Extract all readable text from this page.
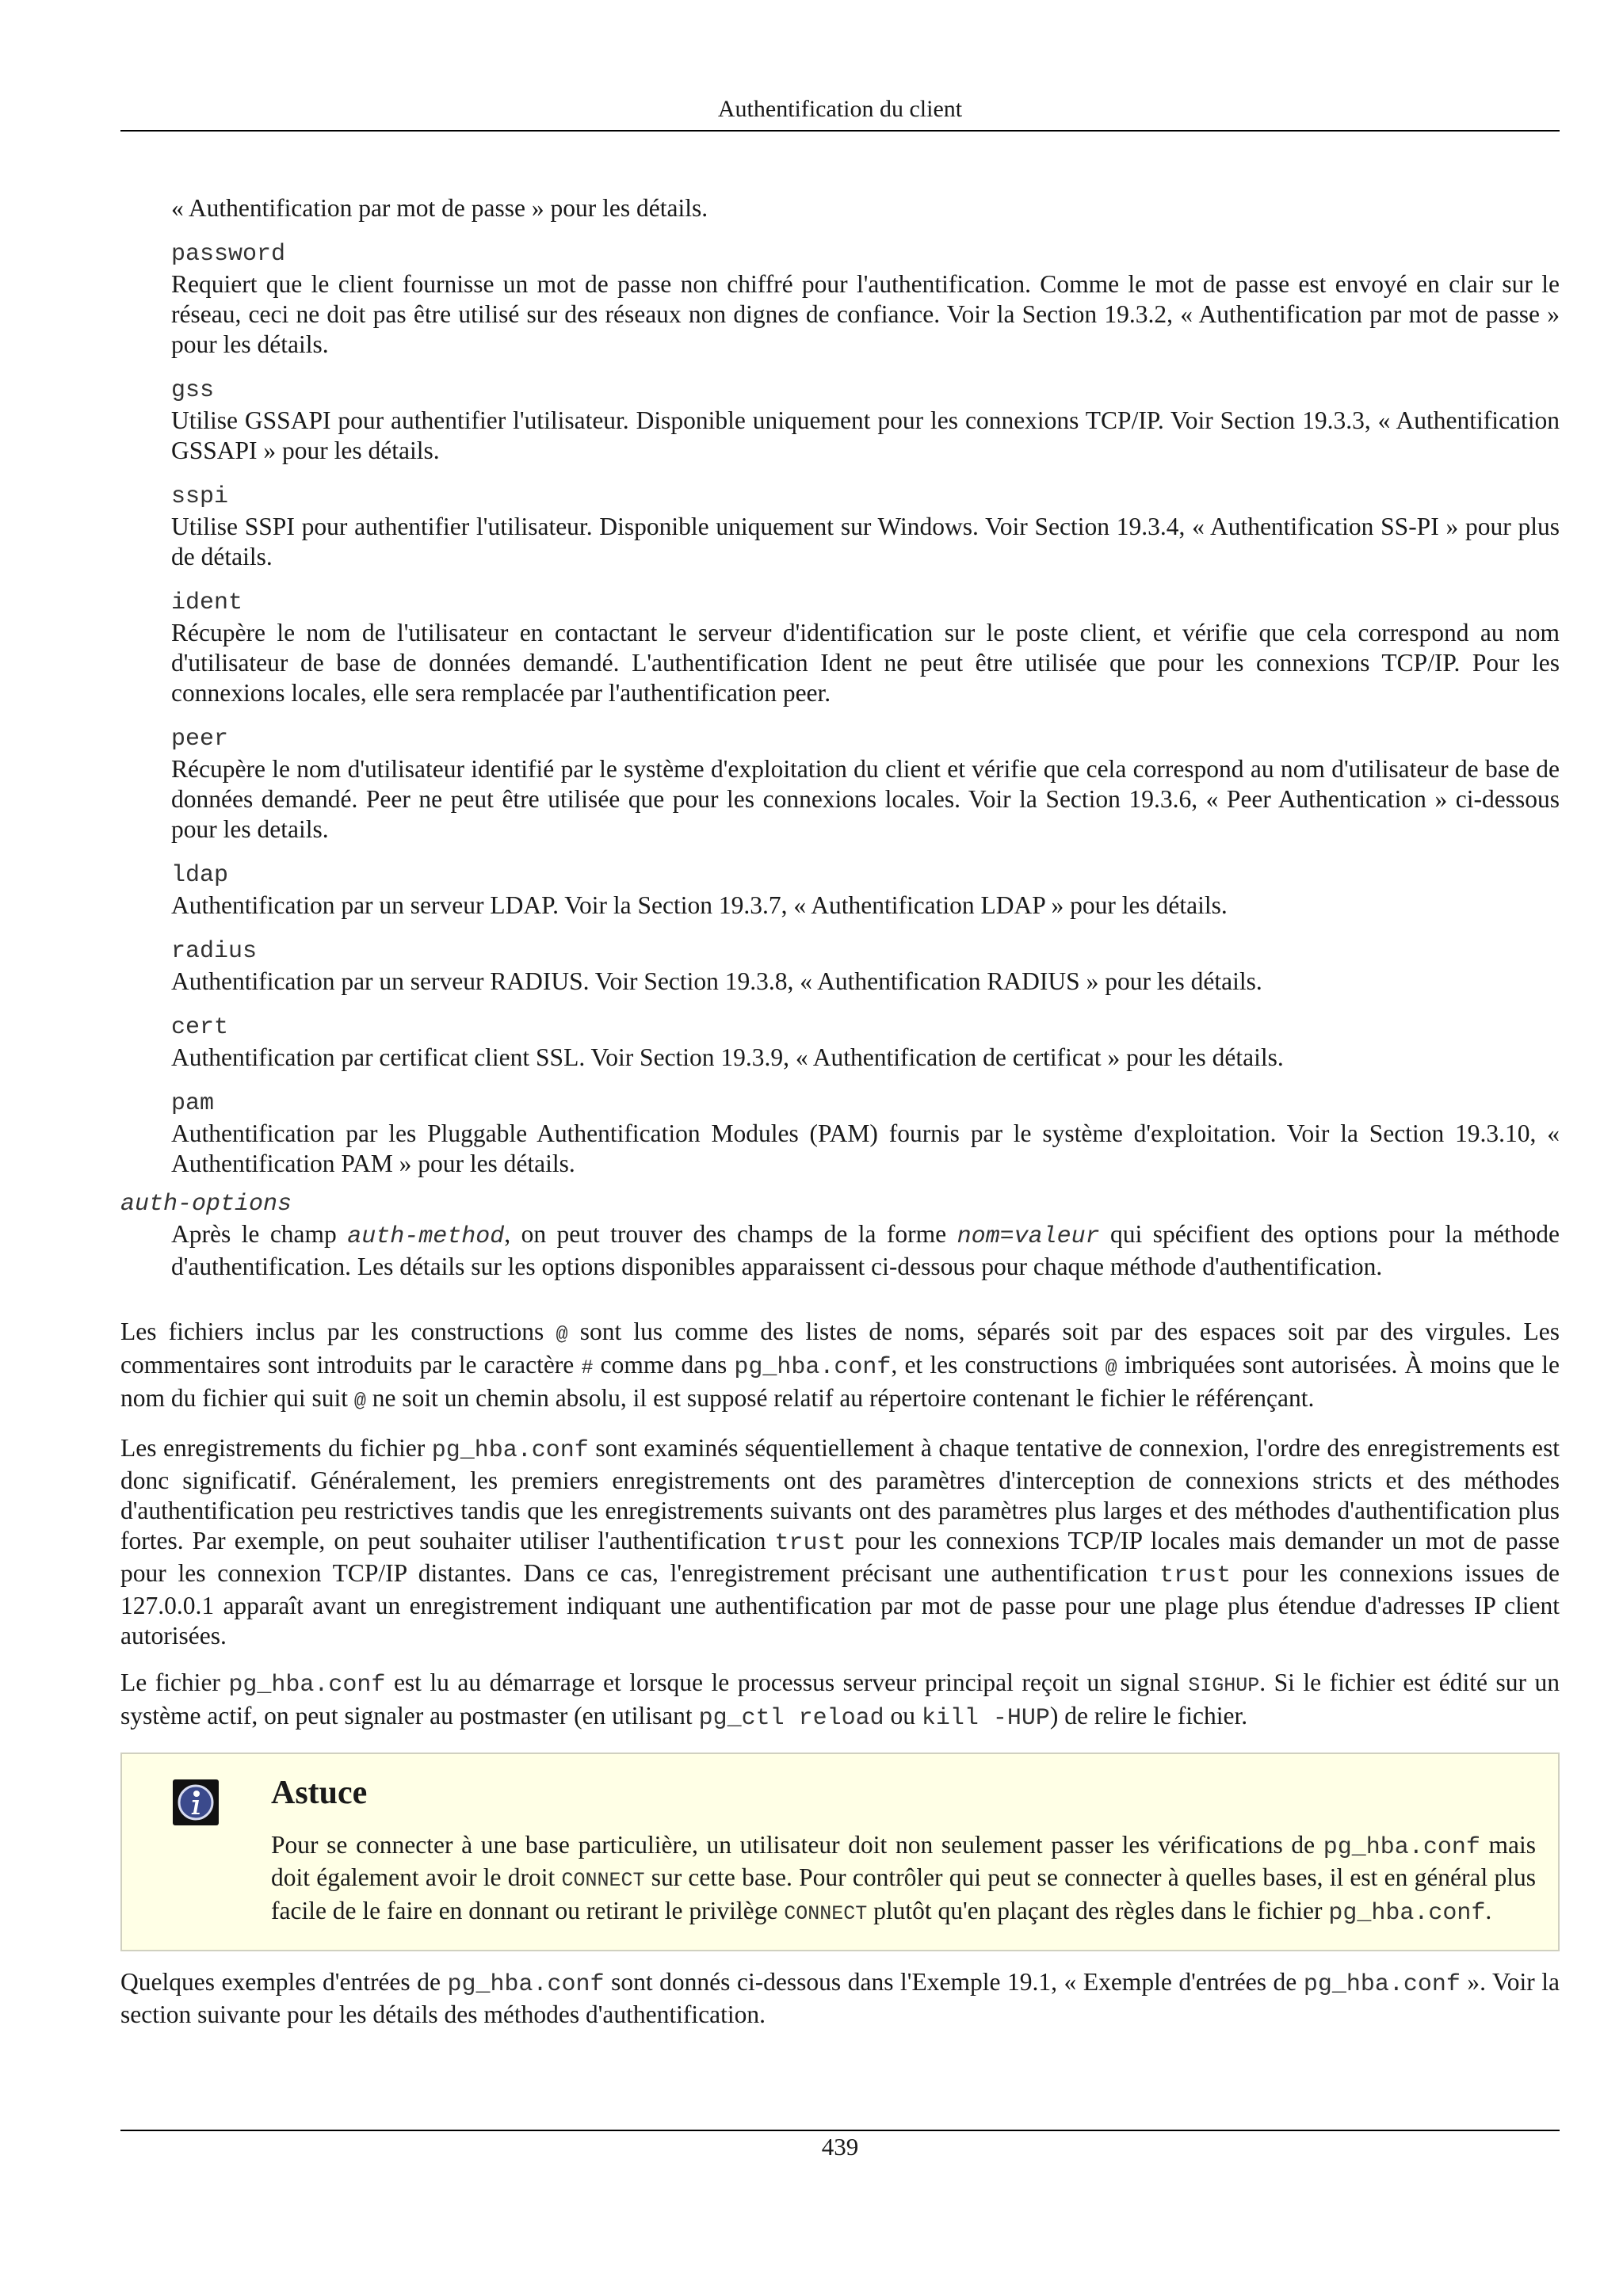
Authentification du client
« Authentification par mot de passe » pour les détails.
password
Requiert que le client fournisse un mot de passe non chiffré pour l'authentification. Comme le mot de passe est envoyé en clair sur le réseau, ceci ne doit pas être utilisé sur des réseaux non dignes de confiance. Voir la Section 19.3.2, « Authentification par mot de passe » pour les détails.
gss
Utilise GSSAPI pour authentifier l'utilisateur. Disponible uniquement pour les connexions TCP/IP. Voir Section 19.3.3, « Authentification GSSAPI » pour les détails.
sspi
Utilise SSPI pour authentifier l'utilisateur. Disponible uniquement sur Windows. Voir Section 19.3.4, « Authentification SS-PI » pour plus de détails.
ident
Récupère le nom de l'utilisateur en contactant le serveur d'identification sur le poste client, et vérifie que cela correspond au nom d'utilisateur de base de données demandé. L'authentification Ident ne peut être utilisée que pour les connexions TCP/IP. Pour les connexions locales, elle sera remplacée par l'authentification peer.
peer
Récupère le nom d'utilisateur identifié par le système d'exploitation du client et vérifie que cela correspond au nom d'utilisateur de base de données demandé. Peer ne peut être utilisée que pour les connexions locales. Voir la Section 19.3.6, « Peer Authentication » ci-dessous pour les details.
ldap
Authentification par un serveur LDAP. Voir la Section 19.3.7, « Authentification LDAP » pour les détails.
radius
Authentification par un serveur RADIUS. Voir Section 19.3.8, « Authentification RADIUS » pour les détails.
cert
Authentification par certificat client SSL. Voir Section 19.3.9, « Authentification de certificat » pour les détails.
pam
Authentification par les Pluggable Authentification Modules (PAM) fournis par le système d'exploitation. Voir la Section 19.3.10, « Authentification PAM » pour les détails.
auth-options
Après le champ auth-method, on peut trouver des champs de la forme nom=valeur qui spécifient des options pour la méthode d'authentification. Les détails sur les options disponibles apparaissent ci-dessous pour chaque méthode d'authentification.

Les fichiers inclus par les constructions @ sont lus comme des listes de noms, séparés soit par des espaces soit par des virgules. Les commentaires sont introduits par le caractère # comme dans pg_hba.conf, et les constructions @ imbriquées sont autorisées. À moins que le nom du fichier qui suit @ ne soit un chemin absolu, il est supposé relatif au répertoire contenant le fichier le référençant.

Les enregistrements du fichier pg_hba.conf sont examinés séquentiellement à chaque tentative de connexion, l'ordre des enregistrements est donc significatif. Généralement, les premiers enregistrements ont des paramètres d'interception de connexions stricts et des méthodes d'authentification peu restrictives tandis que les enregistrements suivants ont des paramètres plus larges et des méthodes d'authentification plus fortes. Par exemple, on peut souhaiter utiliser l'authentification trust pour les connexions TCP/IP locales mais demander un mot de passe pour les connexion TCP/IP distantes. Dans ce cas, l'enregistrement précisant une authentification trust pour les connexions issues de 127.0.0.1 apparaît avant un enregistrement indiquant une authentification par mot de passe pour une plage plus étendue d'adresses IP client autorisées.

Le fichier pg_hba.conf est lu au démarrage et lorsque le processus serveur principal reçoit un signal SIGHUP. Si le fichier est édité sur un système actif, on peut signaler au postmaster (en utilisant pg_ctl reload ou kill -HUP) de relire le fichier.

Astuce
Pour se connecter à une base particulière, un utilisateur doit non seulement passer les vérifications de pg_hba.conf mais doit également avoir le droit CONNECT sur cette base. Pour contrôler qui peut se connecter à quelles bases, il est en général plus facile de le faire en donnant ou retirant le privilège CONNECT plutôt qu'en plaçant des règles dans le fichier pg_hba.conf.

Quelques exemples d'entrées de pg_hba.conf sont donnés ci-dessous dans l'Exemple 19.1, « Exemple d'entrées de pg_hba.conf ». Voir la section suivante pour les détails des méthodes d'authentification.

439
